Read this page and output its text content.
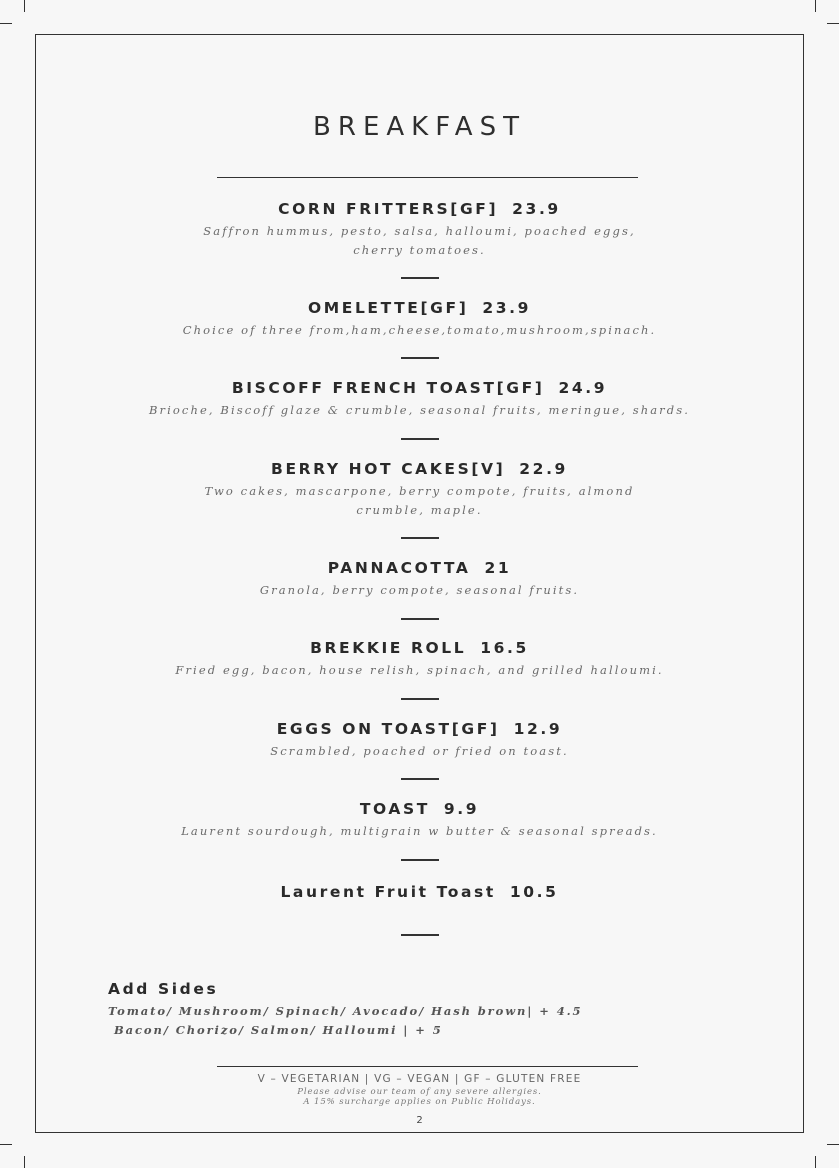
BREAKFAST
CORN FRITTERS[GF] 23.9
Saffron hummus, pesto, salsa, halloumi, poached eggs, cherry tomatoes.
OMELETTE[GF] 23.9
Choice of three from,ham,cheese,tomato,mushroom,spinach.
BISCOFF FRENCH TOAST[GF] 24.9
Brioche, Biscoff glaze & crumble, seasonal fruits, meringue, shards.
BERRY HOT CAKES[V] 22.9
Two cakes, mascarpone, berry compote, fruits, almond crumble, maple.
PANNACOTTA 21
Granola, berry compote, seasonal fruits.
BREKKIE ROLL 16.5
Fried egg, bacon, house relish, spinach, and grilled halloumi.
EGGS ON TOAST[GF] 12.9
Scrambled, poached or fried on toast.
TOAST 9.9
Laurent sourdough, multigrain w butter & seasonal spreads.
Laurent Fruit Toast 10.5
Add Sides
Tomato/ Mushroom/ Spinach/ Avocado/ Hash brown| + 4.5
Bacon/ Chorizo/ Salmon/ Halloumi | + 5
V – VEGETARIAN | VG – VEGAN | GF – GLUTEN FREE
Please advise our team of any severe allergies.
A 15% surcharge applies on Public Holidays.
2
